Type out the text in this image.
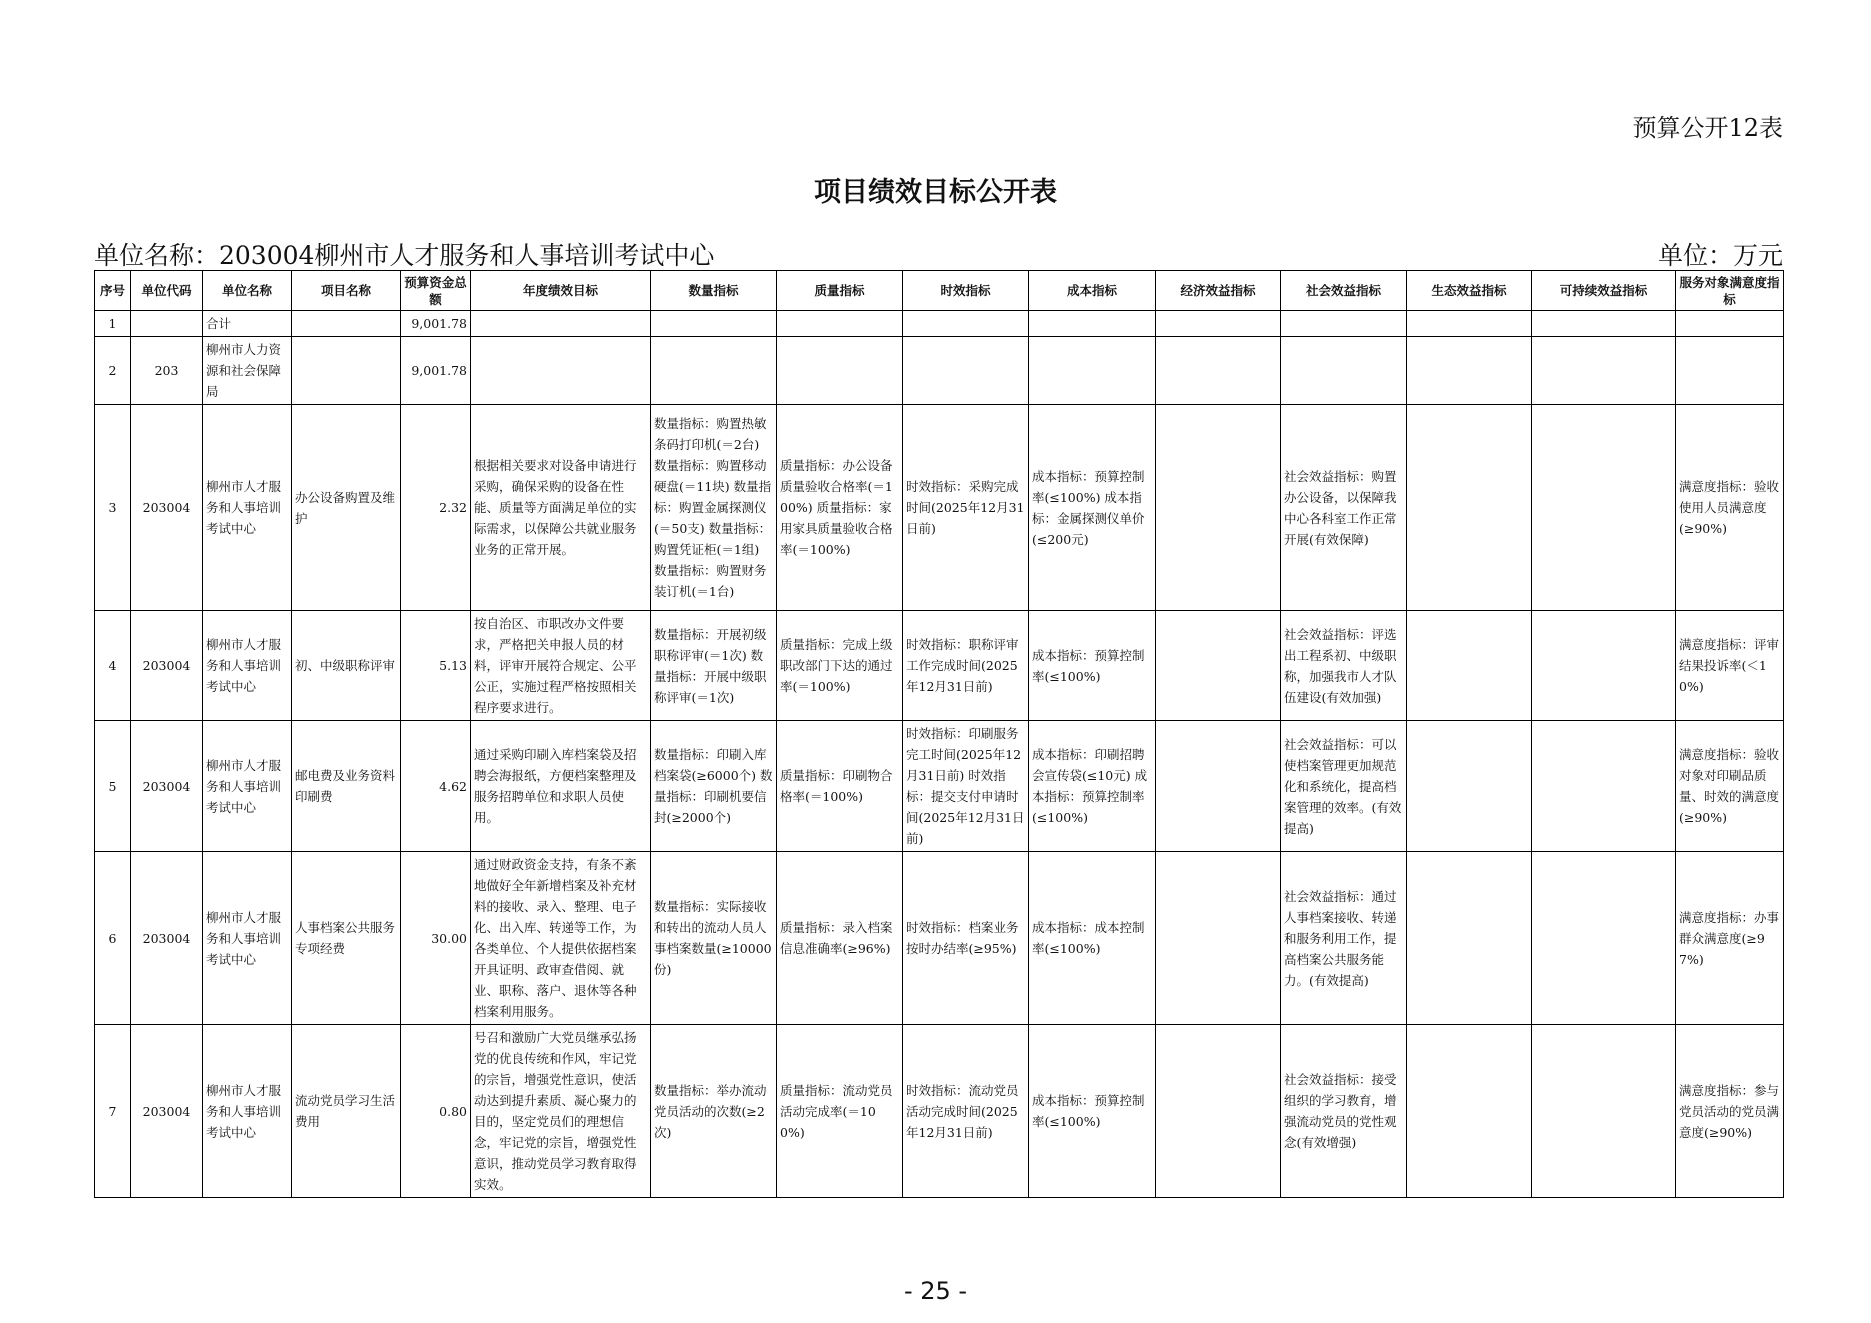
预算公开12表
项目绩效目标公开表
单位名称：203004柳州市人才服务和人事培训考试中心	单位：万元
序号	单位代码	单位名称	项目名称	预算资金总额	年度绩效目标	数量指标	质量指标	时效指标	成本指标	经济效益指标	社会效益指标	生态效益指标	可持续效益指标	服务对象满意度指标
1		合计		9,001.78										
2	203	柳州市人力资源和社会保障局		9,001.78										
3	203004	柳州市人才服务和人事培训考试中心	办公设备购置及维护	2.32	根据相关要求对设备申请进行采购，确保采购的设备在性能、质量等方面满足单位的实际需求，以保障公共就业服务业务的正常开展。	数量指标：购置热敏条码打印机(＝2台) 数量指标：购置移动硬盘(＝11块) 数量指标：购置金属探测仪(＝50支) 数量指标：购置凭证柜(＝1组) 数量指标：购置财务装订机(＝1台)	质量指标：办公设备质量验收合格率(＝100%) 质量指标：家用家具质量验收合格率(＝100%)	时效指标：采购完成时间(2025年12月31日前)	成本指标：预算控制率(≤100%) 成本指标：金属探测仪单价(≤200元)		社会效益指标：购置办公设备，以保障我中心各科室工作正常开展(有效保障)			满意度指标：验收使用人员满意度(≥90%)
4	203004	柳州市人才服务和人事培训考试中心	初、中级职称评审	5.13	按自治区、市职改办文件要求，严格把关申报人员的材料，评审开展符合规定、公平公正，实施过程严格按照相关程序要求进行。	数量指标：开展初级职称评审(＝1次) 数量指标：开展中级职称评审(＝1次)	质量指标：完成上级职改部门下达的通过率(＝100%)	时效指标：职称评审工作完成时间(2025年12月31日前)	成本指标：预算控制率(≤100%)		社会效益指标：评选出工程系初、中级职称，加强我市人才队伍建设(有效加强)			满意度指标：评审结果投诉率(＜10%)
5	203004	柳州市人才服务和人事培训考试中心	邮电费及业务资料印刷费	4.62	通过采购印刷入库档案袋及招聘会海报纸，方便档案整理及服务招聘单位和求职人员使用。	数量指标：印刷入库档案袋(≥6000个) 数量指标：印刷机要信封(≥2000个)	质量指标：印刷物合格率(＝100%)	时效指标：印刷服务完工时间(2025年12月31日前) 时效指标：提交支付申请时间(2025年12月31日前)	成本指标：印刷招聘会宣传袋(≤10元) 成本指标：预算控制率(≤100%)		社会效益指标：可以使档案管理更加规范化和系统化，提高档案管理的效率。(有效提高)			满意度指标：验收对象对印刷品质量、时效的满意度(≥90%)
6	203004	柳州市人才服务和人事培训考试中心	人事档案公共服务专项经费	30.00	通过财政资金支持，有条不紊地做好全年新增档案及补充材料的接收、录入、整理、电子化、出入库、转递等工作，为各类单位、个人提供依据档案开具证明、政审查借阅、就业、职称、落户、退休等各种档案利用服务。	数量指标：实际接收和转出的流动人员人事档案数量(≥10000份)	质量指标：录入档案信息准确率(≥96%)	时效指标：档案业务按时办结率(≥95%)	成本指标：成本控制率(≤100%)		社会效益指标：通过人事档案接收、转递和服务利用工作，提高档案公共服务能力。(有效提高)			满意度指标：办事群众满意度(≥97%)
7	203004	柳州市人才服务和人事培训考试中心	流动党员学习生活费用	0.80	号召和激励广大党员继承弘扬党的优良传统和作风，牢记党的宗旨，增强党性意识，使活动达到提升素质、凝心聚力的目的，坚定党员们的理想信念，牢记党的宗旨，增强党性意识，推动党员学习教育取得实效。	数量指标：举办流动党员活动的次数(≥2次)	质量指标：流动党员活动完成率(＝100%)	时效指标：流动党员活动完成时间(2025年12月31日前)	成本指标：预算控制率(≤100%)		社会效益指标：接受组织的学习教育，增强流动党员的党性观念(有效增强)			满意度指标：参与党员活动的党员满意度(≥90%)
- 25 -
